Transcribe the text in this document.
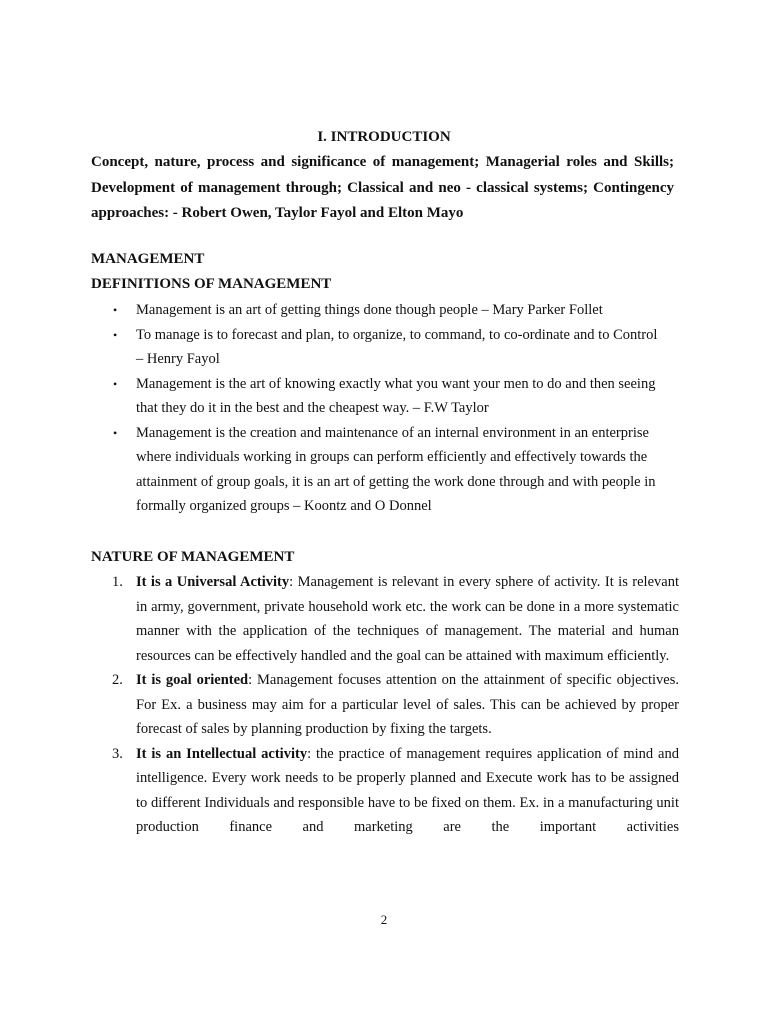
I. INTRODUCTION
Concept, nature, process and significance of management; Managerial roles and Skills; Development of management through; Classical and neo - classical systems; Contingency approaches: - Robert Owen, Taylor Fayol and Elton Mayo
MANAGEMENT
DEFINITIONS OF MANAGEMENT
• Management is an art of getting things done though people – Mary Parker Follet
• To manage is to forecast and plan, to organize, to command, to co-ordinate and to Control – Henry Fayol
• Management is the art of knowing exactly what you want your men to do and then seeing that they do it in the best and the cheapest way. – F.W Taylor
• Management is the creation and maintenance of an internal environment in an enterprise where individuals working in groups can perform efficiently and effectively towards the attainment of group goals, it is an art of getting the work done through and with people in formally organized groups – Koontz and O Donnel
NATURE OF MANAGEMENT
1. It is a Universal Activity: Management is relevant in every sphere of activity. It is relevant in army, government, private household work etc. the work can be done in a more systematic manner with the application of the techniques of management. The material and human resources can be effectively handled and the goal can be attained with maximum efficiently.
2. It is goal oriented: Management focuses attention on the attainment of specific objectives. For Ex. a business may aim for a particular level of sales. This can be achieved by proper forecast of sales by planning production by fixing the targets.
3. It is an Intellectual activity: the practice of management requires application of mind and intelligence. Every work needs to be properly planned and Execute work has to be assigned to different Individuals and responsible have to be fixed on them. Ex. in a manufacturing unit production finance and marketing are the important activities
2
